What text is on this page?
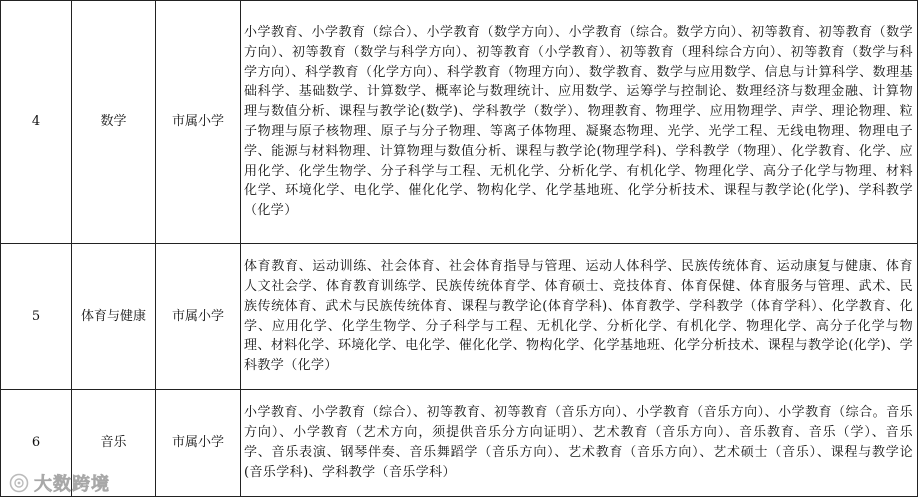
4	数学	市属小学	小学教育、小学教育（综合）、小学教育（数学方向）、小学教育（综合。数学方向）、初等教育、初等教育（数学方向）、初等教育（数学与科学方向）、初等教育（小学教育）、初等教育（理科综合方向）、初等教育（数学与科学方向）、科学教育（化学方向）、科学教育（物理方向）、数学教育、数学与应用数学、信息与计算科学、数理基础科学、基础数学、计算数学、概率论与数理统计、应用数学、运筹学与控制论、数理经济与数理金融、计算物理与数值分析、课程与教学论(数学)、学科教学（数学）、物理教育、物理学、应用物理学、声学、理论物理、粒子物理与原子核物理、原子与分子物理、等离子体物理、凝聚态物理、光学、光学工程、无线电物理、物理电子学、能源与材料物理、计算物理与数值分析、课程与教学论(物理学科)、学科教学（物理）、化学教育、化学、应用化学、化学生物学、分子科学与工程、无机化学、分析化学、有机化学、物理化学、高分子化学与物理、材料化学、环境化学、电化学、催化化学、物构化学、化学基地班、化学分析技术、课程与教学论(化学)、学科教学（化学）
5	体育与健康	市属小学	体育教育、运动训练、社会体育、社会体育指导与管理、运动人体科学、民族传统体育、运动康复与健康、体育人文社会学、体育教育训练学、民族传统体育学、体育硕士、竞技体育、体育保健、体育服务与管理、武术、民族传统体育、武术与民族传统体育、课程与教学论(体育学科)、体育教学、学科教学（体育学科）、化学教育、化学、应用化学、化学生物学、分子科学与工程、无机化学、分析化学、有机化学、物理化学、高分子化学与物理、材料化学、环境化学、电化学、催化化学、物构化学、化学基地班、化学分析技术、课程与教学论(化学)、学科教学（化学）
6	音乐	市属小学	小学教育、小学教育（综合）、初等教育、初等教育（音乐方向）、小学教育（音乐方向）、小学教育（综合。音乐方向）、小学教育（艺术方向，须提供音乐分方向证明）、艺术教育（音乐方向）、音乐教育、音乐（学）、音乐学、音乐表演、钢琴伴奏、音乐舞蹈学（音乐方向）、艺术教育（音乐方向）、艺术硕士（音乐）、课程与教学论(音乐学科)、学科教学（音乐学科）
大数跨境
